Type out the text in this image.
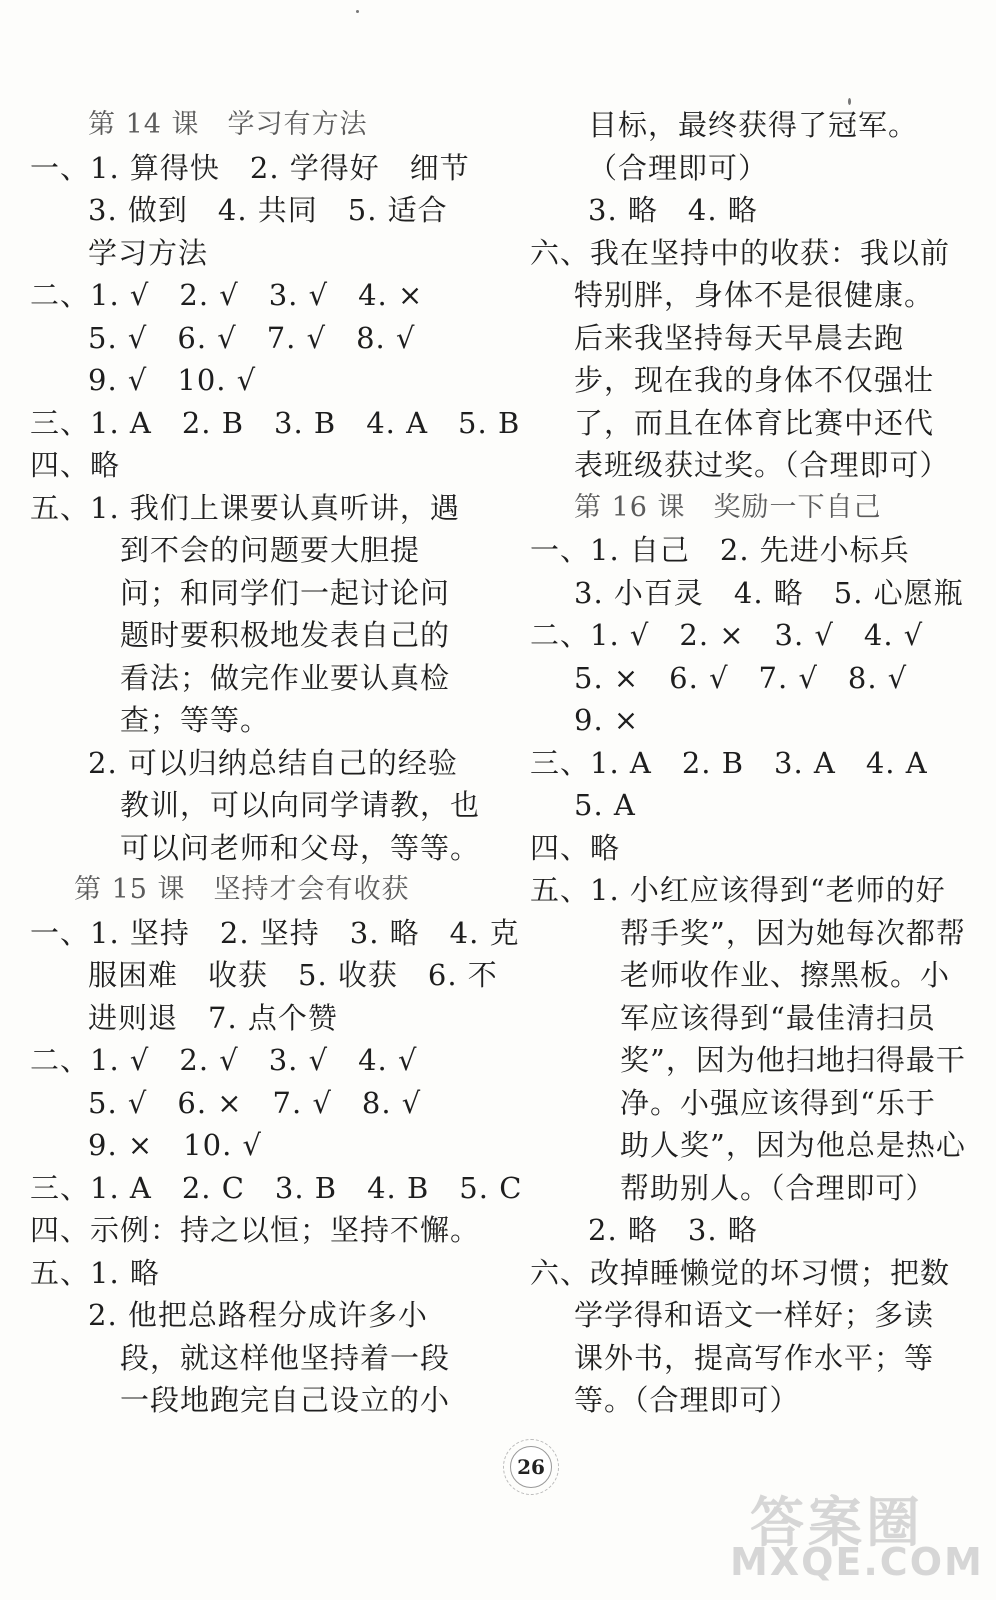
第 14 课　学习有方法
一、1. 算得快　2. 学得好　细节
3. 做到　4. 共同　5. 适合
学习方法
二、1. √　2. √　3. √　4. ×
5. √　6. √　7. √　8. √
9. √　10. √
三、1. A　2. B　3. B　4. A　5. B
四、略
五、1. 我们上课要认真听讲，遇
到不会的问题要大胆提
问；和同学们一起讨论问
题时要积极地发表自己的
看法；做完作业要认真检
查；等等。
2. 可以归纳总结自己的经验
教训，可以向同学请教，也
可以问老师和父母，等等。
第 15 课　坚持才会有收获
一、1. 坚持　2. 坚持　3. 略　4. 克
服困难　收获　5. 收获　6. 不
进则退　7. 点个赞
二、1. √　2. √　3. √　4. √
5. √　6. ×　7. √　8. √
9. ×　10. √
三、1. A　2. C　3. B　4. B　5. C
四、示例：持之以恒；坚持不懈。
五、1. 略
2. 他把总路程分成许多小
段，就这样他坚持着一段
一段地跑完自己设立的小
目标，最终获得了冠军。
（合理即可）
3. 略　4. 略
六、我在坚持中的收获：我以前
特别胖，身体不是很健康。
后来我坚持每天早晨去跑
步，现在我的身体不仅强壮
了，而且在体育比赛中还代
表班级获过奖。（合理即可）
第 16 课　奖励一下自己
一、1. 自己　2. 先进小标兵
3. 小百灵　4. 略　5. 心愿瓶
二、1. √　2. ×　3. √　4. √
5. ×　6. √　7. √　8. √
9. ×
三、1. A　2. B　3. A　4. A
5. A
四、略
五、1. 小红应该得到“老师的好
帮手奖”，因为她每次都帮
老师收作业、擦黑板。小
军应该得到“最佳清扫员
奖”，因为他扫地扫得最干
净。小强应该得到“乐于
助人奖”，因为他总是热心
帮助别人。（合理即可）
2. 略　3. 略
六、改掉睡懒觉的坏习惯；把数
学学得和语文一样好；多读
课外书，提高写作水平；等
等。（合理即可）
26
答案圈
MXQE.COM
